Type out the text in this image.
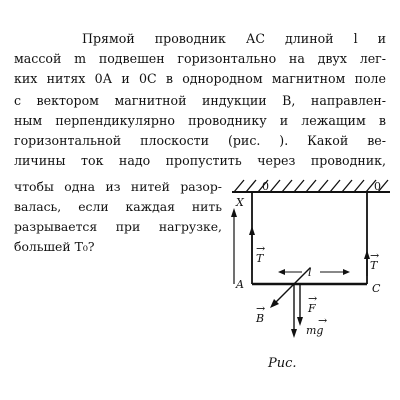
Прямой проводник АС длиной l и
массой m подвешен горизонтально на двух лег-
ких нитях 0А и 0С в однородном магнитном поле
с вектором магнитной индукции B, направлен-
ным перпендикулярно проводнику и лежащим в
горизонтальной плоскости (рис. ). Какой ве-
личины ток надо пропустить через проводник,
чтобы одна из нитей разор-
валась, если каждая нить
разрывается при нагрузке,
большей T₀?
0	0
X
A	C
T
→
T
→
l
B
→	F
→
mg
→
Рис.
